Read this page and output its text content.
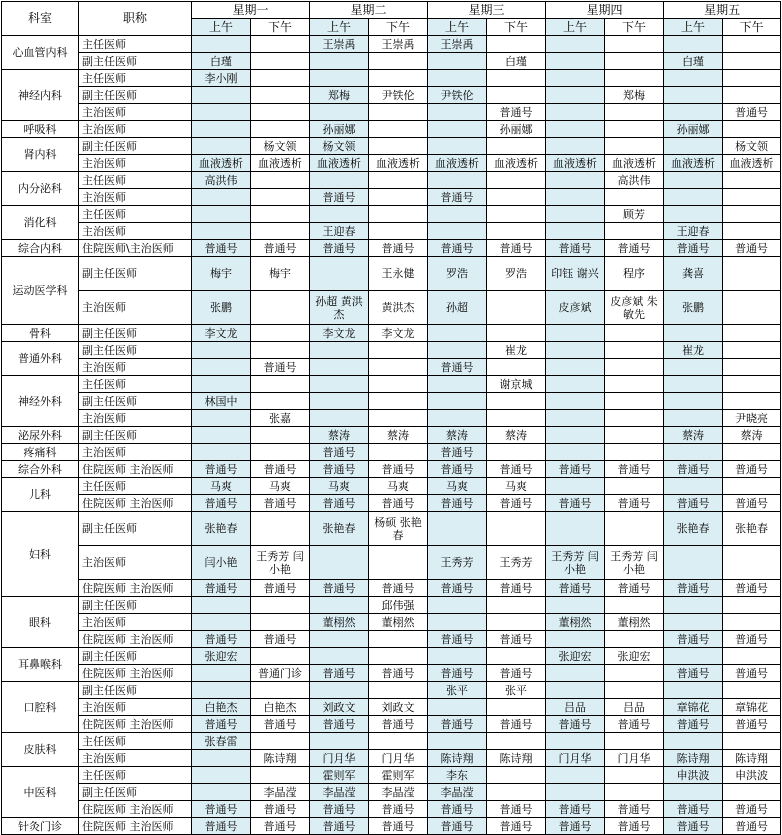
科室	职称	星期一		星期二		星期三		星期四		星期五	
		上午	下午	上午	下午	上午	下午	上午	下午	上午	下午
心血管内科	主任医师			王崇禹	王崇禹	王崇禹					
	副主任医师	白瑾					白瑾			白瑾	
神经内科	主任医师	李小刚									
	副主任医师			郑梅	尹铁伦	尹铁伦			郑梅		
	主治医师						普通号				普通号
呼吸科	主治医师			孙丽娜			孙丽娜			孙丽娜	
肾内科	副主任医师		杨文领	杨文领							杨文领
	主治医师	血液透析	血液透析	血液透析	血液透析	血液透析	血液透析	血液透析	血液透析	血液透析	血液透析
内分泌科	主任医师	高洪伟							高洪伟		
	主治医师			普通号		普通号					
消化科	主任医师								顾芳		
	主治医师			王迎春						王迎春	
综合内科	住院医师\主治医师	普通号	普通号	普通号	普通号	普通号	普通号	普通号	普通号	普通号	普通号
运动医学科	副主任医师	梅宇	梅宇		王永健	罗浩	罗浩	印钰 谢兴	程序	龚喜	
	主治医师	张鹏		孙超 黄洪杰	黄洪杰	孙超		皮彦斌	皮彦斌 朱敏先	张鹏	
骨科	副主任医师	李文龙		李文龙	李文龙						
普通外科	副主任医师						崔龙			崔龙	
	主治医师		普通号			普通号					
神经外科	主任医师						谢京城				
	副主任医师	林国中									
	主治医师		张嘉								尹晓亮
泌尿外科	副主任医师			蔡涛	蔡涛	蔡涛	蔡涛			蔡涛	蔡涛
疼痛科	主治医师			普通号		普通号					
综合外科	住院医师 主治医师	普通号	普通号	普通号	普通号	普通号	普通号	普通号	普通号	普通号	普通号
儿科	主任医师	马爽	马爽	马爽	马爽	马爽	马爽				
	住院医师 主治医师	普通号	普通号	普通号	普通号	普通号	普通号	普通号	普通号	普通号	普通号
妇科	副主任医师	张艳春		张艳春	杨硕 张艳春					张艳春	张艳春
	主治医师	闫小艳	王秀芳 闫小艳			王秀芳	王秀芳	王秀芳 闫小艳	王秀芳 闫小艳		
	住院医师 主治医师	普通号	普通号	普通号	普通号	普通号	普通号	普通号	普通号	普通号	普通号
眼科	副主任医师				邱伟强						
	主治医师			董栩然	董栩然			董栩然	董栩然		
	住院医师 主治医师	普通号	普通号			普通号	普通号			普通号	普通号
耳鼻喉科	副主任医师	张迎宏						张迎宏	张迎宏		
	住院医师 主治医师		普通门诊	普通号	普通号	普通号	普通号			普通号	普通号
口腔科	副主任医师					张平	张平				
	主治医师	白艳杰	白艳杰	刘政文	刘政文			吕品	吕品	章锦花	章锦花
	住院医师 主治医师	普通号	普通号	普通号	普通号	普通号	普通号	普通号	普通号	普通号	普通号
皮肤科	主任医师	张春雷									
	主治医师		陈诗翔	门月华	门月华	陈诗翔	陈诗翔	门月华	门月华	陈诗翔	陈诗翔
中医科	主任医师			霍则军	霍则军	李东				申洪波	申洪波
	副主任医师		李晶滢	李晶滢	李晶滢	李晶滢					
	住院医师 主治医师	普通号	普通号	普通号	普通号	普通号	普通号	普通号	普通号	普通号	普通号
针灸门诊	住院医师 主治医师	普通号	普通号	普通号	普通号	普通号	普通号	普通号	普通号	普通号	普通号
